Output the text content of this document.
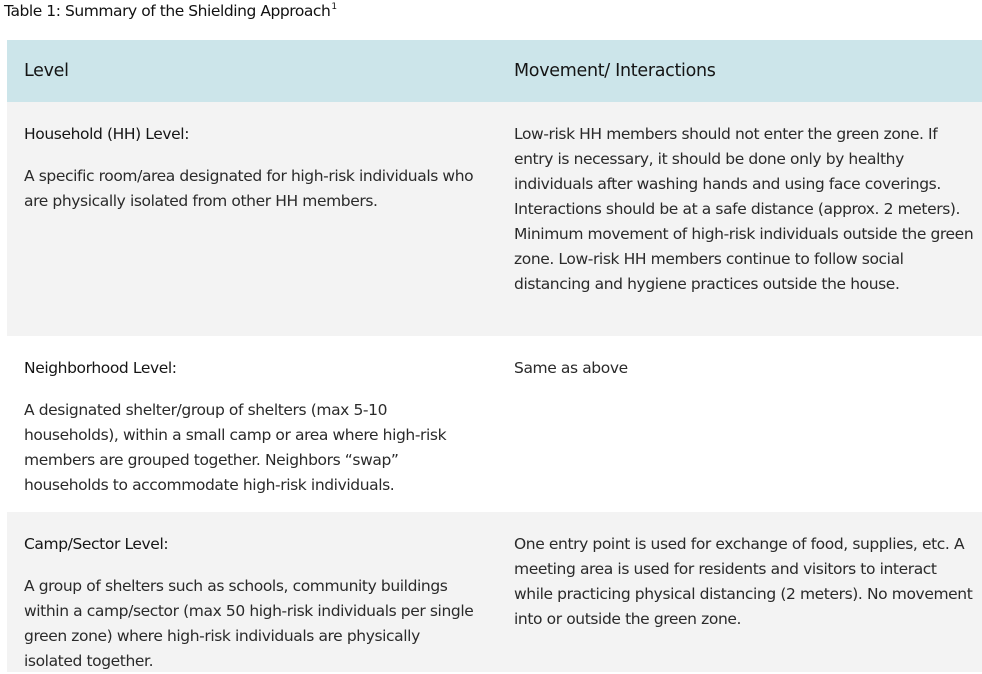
Table 1: Summary of the Shielding Approach$^1$
Level	Movement/ Interactions

Household (HH) Level:

A specific room/area designated for high-risk individuals who are physically isolated from other HH members.

Low-risk HH members should not enter the green zone. If entry is necessary, it should be done only by healthy individuals after washing hands and using face coverings. Interactions should be at a safe distance (approx. 2 meters). Minimum movement of high-risk individuals outside the green zone. Low-risk HH members continue to follow social distancing and hygiene practices outside the house.

Neighborhood Level:

A designated shelter/group of shelters (max 5-10 households), within a small camp or area where high-risk members are grouped together. Neighbors “swap” households to accommodate high-risk individuals.

Same as above

Camp/Sector Level:

A group of shelters such as schools, community buildings within a camp/sector (max 50 high-risk individuals per single green zone) where high-risk individuals are physically isolated together.

One entry point is used for exchange of food, supplies, etc. A meeting area is used for residents and visitors to interact while practicing physical distancing (2 meters). No movement into or outside the green zone.
